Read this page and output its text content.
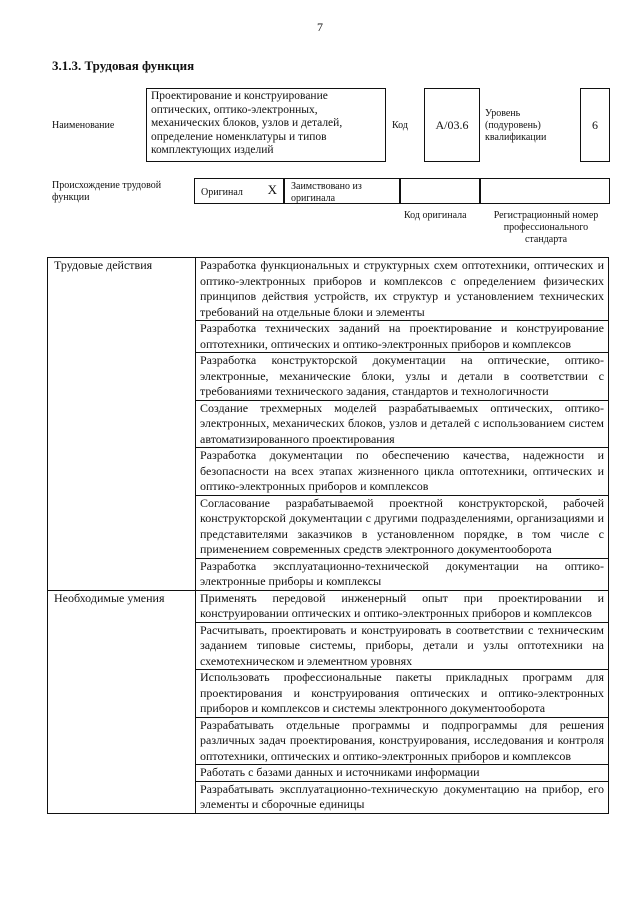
7
3.1.3. Трудовая функция
Наименование
Проектирование и конструирование оптических, оптико-электронных, механических блоков, узлов и деталей, определение номенклатуры и типов комплектующих изделий
Код A/03.6
Уровень (подуровень) квалификации
6
Происхождение трудовой функции	Оригинал X	Заимствовано из оригинала
Код оригинала	Регистрационный номер профессионального стандарта
Трудовые действия	Разработка функциональных и структурных схем оптотехники, оптических и оптико-электронных приборов и комплексов с определением физических принципов действия устройств, их структур и установлением технических требований на отдельные блоки и элементы
	Разработка технических заданий на проектирование и конструирование оптотехники, оптических и оптико-электронных приборов и комплексов
	Разработка конструкторской документации на оптические, оптико-электронные, механические блоки, узлы и детали в соответствии с требованиями технического задания, стандартов и технологичности
	Создание трехмерных моделей разрабатываемых оптических, оптико-электронных, механических блоков, узлов и деталей с использованием систем автоматизированного проектирования
	Разработка документации по обеспечению качества, надежности и безопасности на всех этапах жизненного цикла оптотехники, оптических и оптико-электронных приборов и комплексов
	Согласование разрабатываемой проектной конструкторской, рабочей конструкторской документации с другими подразделениями, организациями и представителями заказчиков в установленном порядке, в том числе с применением современных средств электронного документооборота
	Разработка эксплуатационно-технической документации на оптико-электронные приборы и комплексы
Необходимые умения	Применять передовой инженерный опыт при проектировании и конструировании оптических и оптико-электронных приборов и комплексов
	Расчитывать, проектировать и конструировать в соответствии с техническим заданием типовые системы, приборы, детали и узлы оптотехники на схемотехническом и элементном уровнях
	Использовать профессиональные пакеты прикладных программ для проектирования и конструирования оптических и оптико-электронных приборов и комплексов и системы электронного документооборота
	Разрабатывать отдельные программы и подпрограммы для решения различных задач проектирования, конструирования, исследования и контроля оптотехники, оптических и оптико-электронных приборов и комплексов
	Работать с базами данных и источниками информации
	Разрабатывать эксплуатационно-техническую документацию на прибор, его элементы и сборочные единицы
